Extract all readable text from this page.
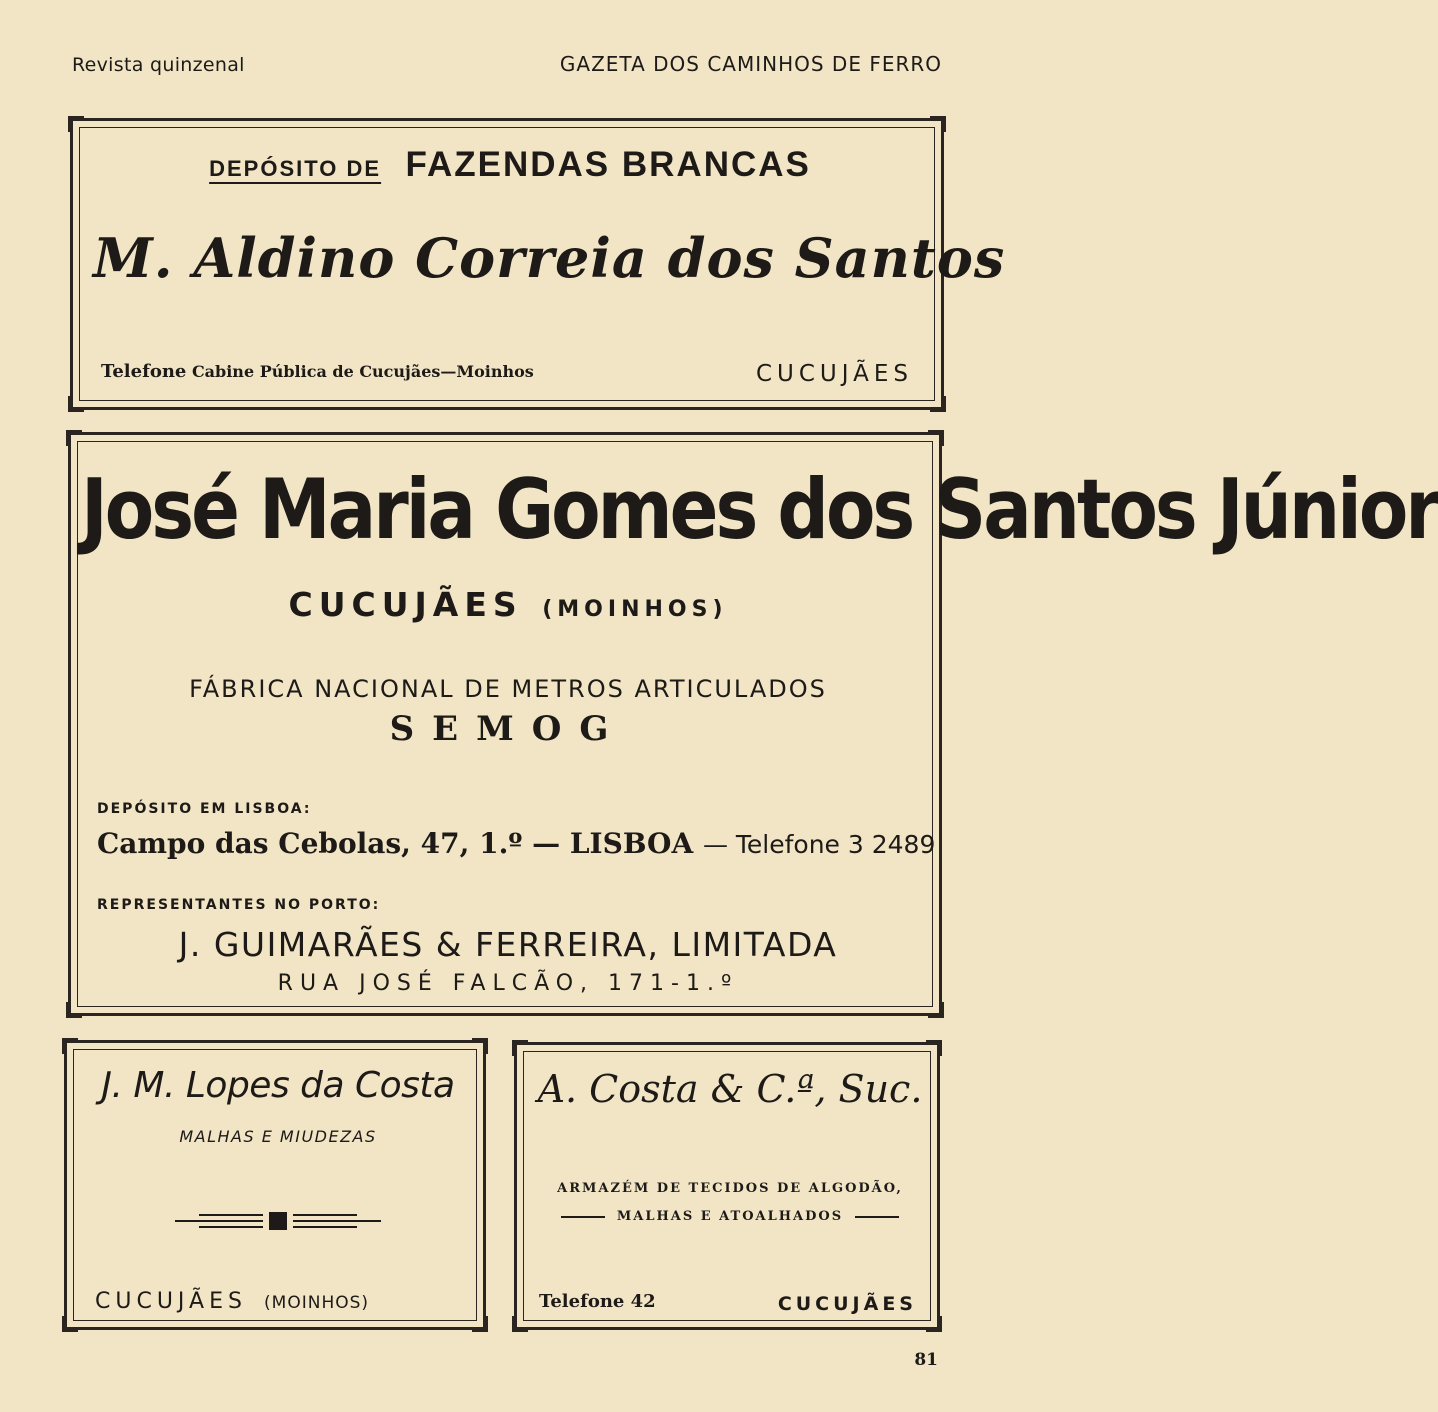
Revista quinzenal	GAZETA DOS CAMINHOS DE FERRO
DEPÓSITO DE FAZENDAS BRANCAS
M. Aldino Correia dos Santos
Telefone Cabine Pública de Cucujães—Moinhos	CUCUJÃES
José Maria Gomes dos Santos Júnior
CUCUJÃES (MOINHOS)
FÁBRICA NACIONAL DE METROS ARTICULADOS
SEMOG
DEPÓSITO EM LISBOA:
Campo das Cebolas, 47, 1.º — LISBOA — Telefone 3 2489
REPRESENTANTES NO PORTO:
J. GUIMARÃES & FERREIRA, LIMITADA
RUA JOSÉ FALCÃO, 171-1.º
J. M. Lopes da Costa
MALHAS E MIUDEZAS
CUCUJÃES (MOINHOS)
A. Costa & C.ª, Suc.
ARMAZÉM DE TECIDOS DE ALGODÃO,
MALHAS E ATOALHADOS
Telefone 42	CUCUJÃES
81
